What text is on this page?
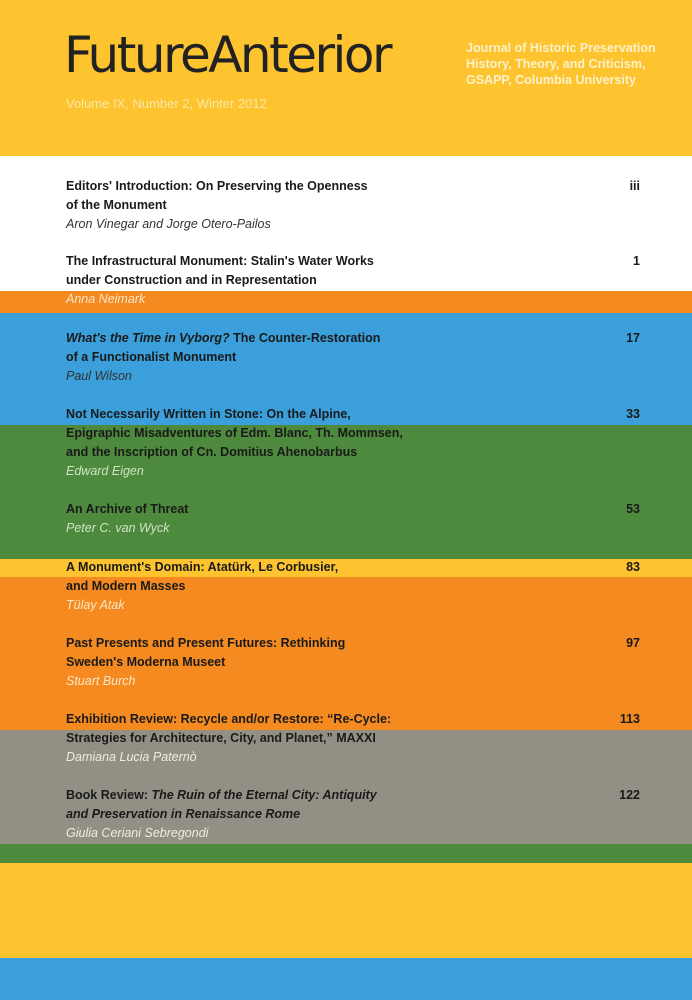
FutureAnterior

Volume IX, Number 2, Winter 2012

Journal of Historic Preservation
History, Theory, and Criticism,
GSAPP, Columbia University
Editors' Introduction: On Preserving the Openness
of the Monument
Aron Vinegar and Jorge Otero-Pailos
iii
The Infrastructural Monument: Stalin's Water Works
under Construction and in Representation
Anna Neimark
1
What's the Time in Vyborg? The Counter-Restoration
of a Functionalist Monument
Paul Wilson
17
Not Necessarily Written in Stone: On the Alpine,
Epigraphic Misadventures of Edm. Blanc, Th. Mommsen,
and the Inscription of Cn. Domitius Ahenobarbus
Edward Eigen
33
An Archive of Threat
Peter C. van Wyck
53
A Monument's Domain: Atatürk, Le Corbusier,
and Modern Masses
Tülay Atak
83
Past Presents and Present Futures: Rethinking
Sweden's Moderna Museet
Stuart Burch
97
Exhibition Review: Recycle and/or Restore: “Re-Cycle:
Strategies for Architecture, City, and Planet,” MAXXI
Damiana Lucia Paternò
113
Book Review: The Ruin of the Eternal City: Antiquity
and Preservation in Renaissance Rome
Giulia Ceriani Sebregondi
122
